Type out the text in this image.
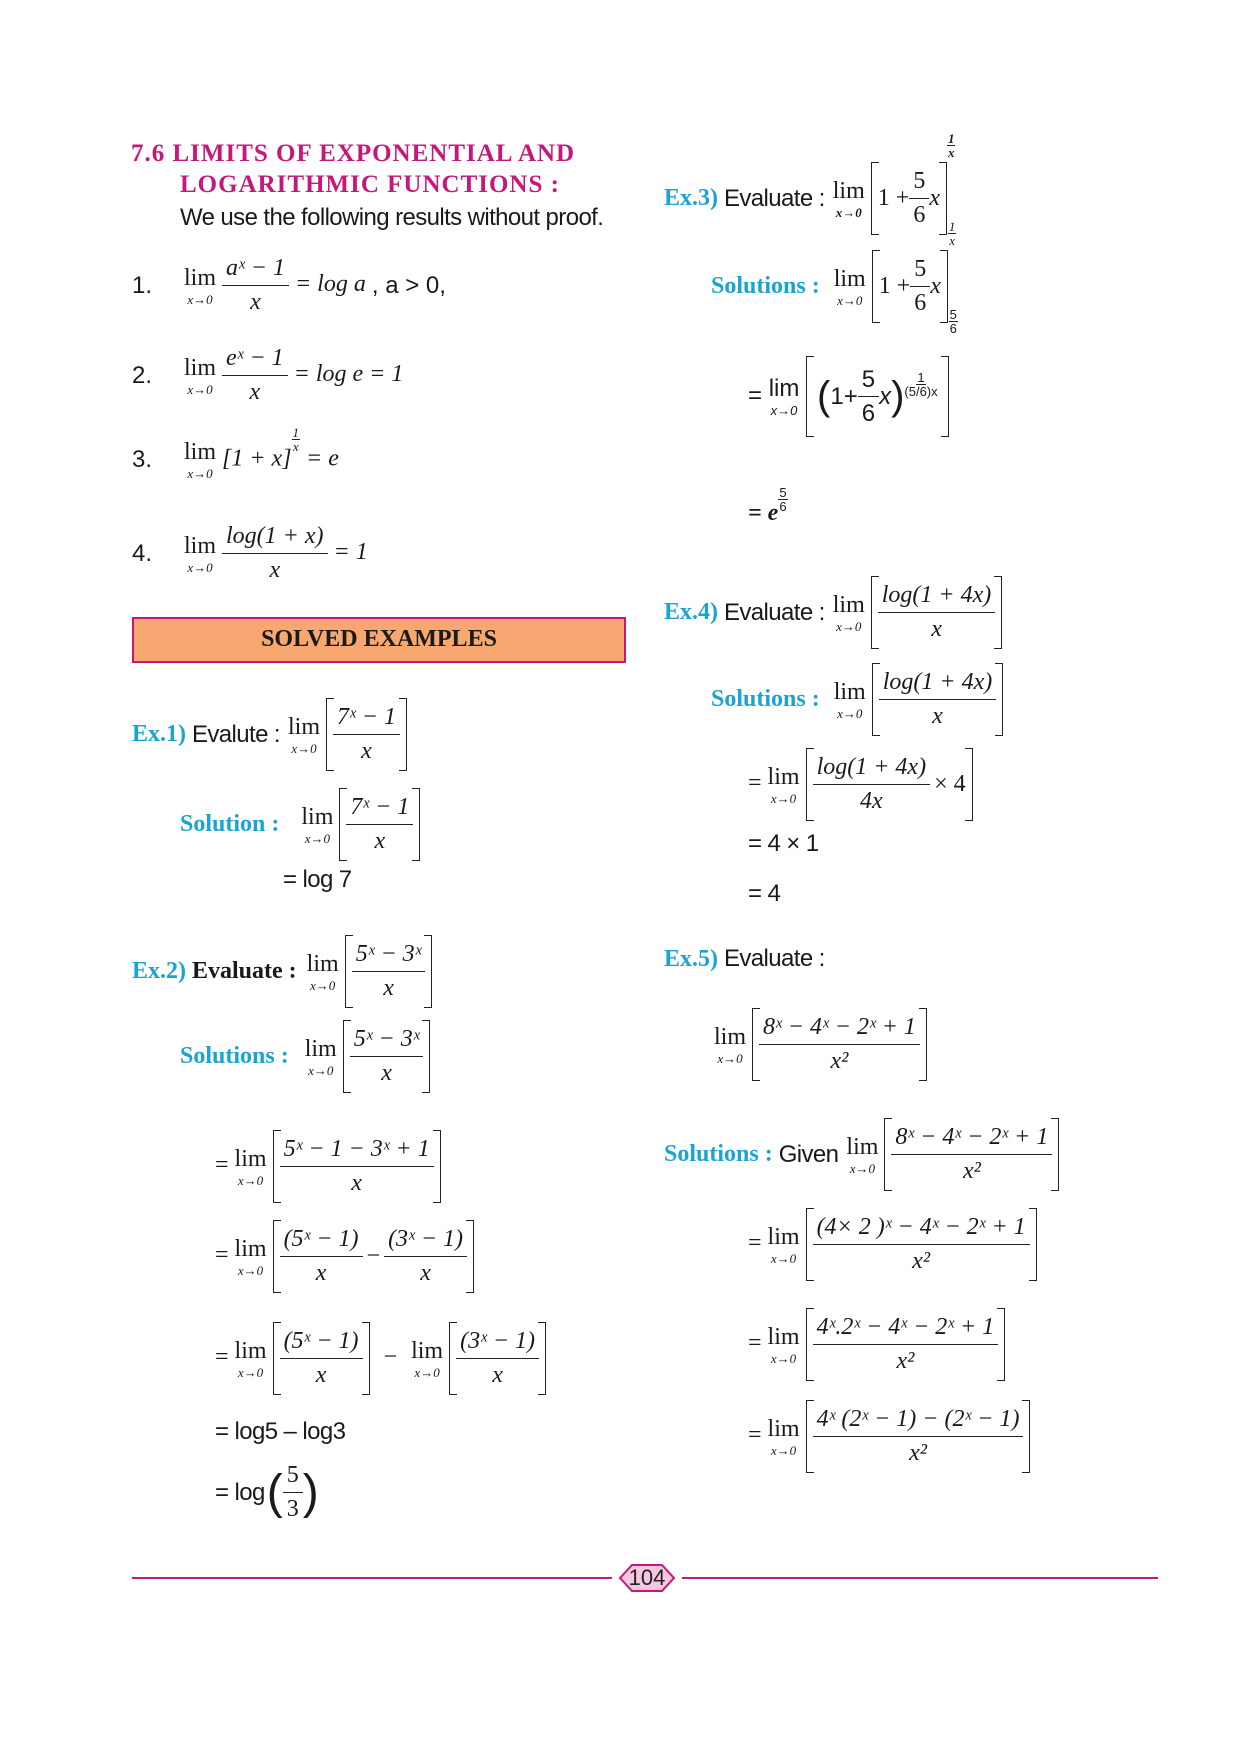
7.6 LIMITS OF EXPONENTIAL AND
LOGARITHMIC FUNCTIONS :
We use the following results without proof.
1.	lim
x→0
$\frac{\text{aˣ − 1}}{x} = \log a$ , a > 0,
2.	lim
x→0
$\frac{\text{eˣ − 1}}{x} = \log e = 1$
3.	lim
x→0
[1 + x]
$\frac{1}{x}$
= e
4.	lim
x→0
$\frac{\log(1 + x)}{x} = 1$
SOLVED EXAMPLES
Ex.1) Evalute : lim
x→0
$\frac{\text{7ˣ − 1}}{x}$
Solution : lim
x→0
$\frac{\text{7ˣ − 1}}{x}$
= log 7
Ex.2) Evaluate : lim
x→0
$\frac{\text{5ˣ − 3ˣ}}{x}$
Solutions : lim
x→0
$\frac{\text{5ˣ − 3ˣ}}{x}$
= lim
x→0
$\frac{\text{5ˣ − 1 − 3ˣ + 1}}{x}$
= lim
x→0
$\frac{\text{(5ˣ − 1)}}{x} - \frac{\text{(3ˣ − 1)}}{x}$
= lim
x→0
$\frac{\text{(5ˣ − 1)}}{x} - \lim$
x→0
$\frac{\text{(3ˣ − 1)}}{x}$
= log5 – log3
= log ( $\frac{5}{3}$ )
Ex.3) Evaluate : lim
x→0

$1 + \frac{5}{6}$ x
$\frac{1}{x}$
Solutions : lim
x→0

$1 + \frac{5}{6}$ x
$\frac{1}{x}$
= lim
x→0
( $1+ \frac{5}{6}$ x ) 1
(5/6)x
$\frac{5}{6}$
= e
5
6
Ex.4) Evaluate : lim
x→0
$\frac{\log(1 + 4x)}{x}$
Solutions : lim
x→0
$\frac{\log(1 + 4x)}{x}$
= lim
x→0
$\frac{\log(1 + 4x)}{4x} \times 4$
= 4 × 1
= 4
Ex.5) Evaluate :
lim
x→0
$\frac{\text{8ˣ − 4ˣ − 2ˣ + 1}}{\text{x²}}$
Solutions : Given lim
x→0
$\frac{\text{8ˣ − 4ˣ − 2ˣ + 1}}{\text{x²}}$
= lim
x→0
$\frac{\text{(4× 2 )ˣ − 4ˣ − 2ˣ + 1}}{\text{x²}}$
= lim
x→0
$\frac{\text{4ˣ.2ˣ − 4ˣ − 2ˣ + 1}}{\text{x²}}$
= lim
x→0
$\frac{\text{4ˣ (2ˣ − 1) − (2ˣ − 1)}}{\text{x²}}$
104
